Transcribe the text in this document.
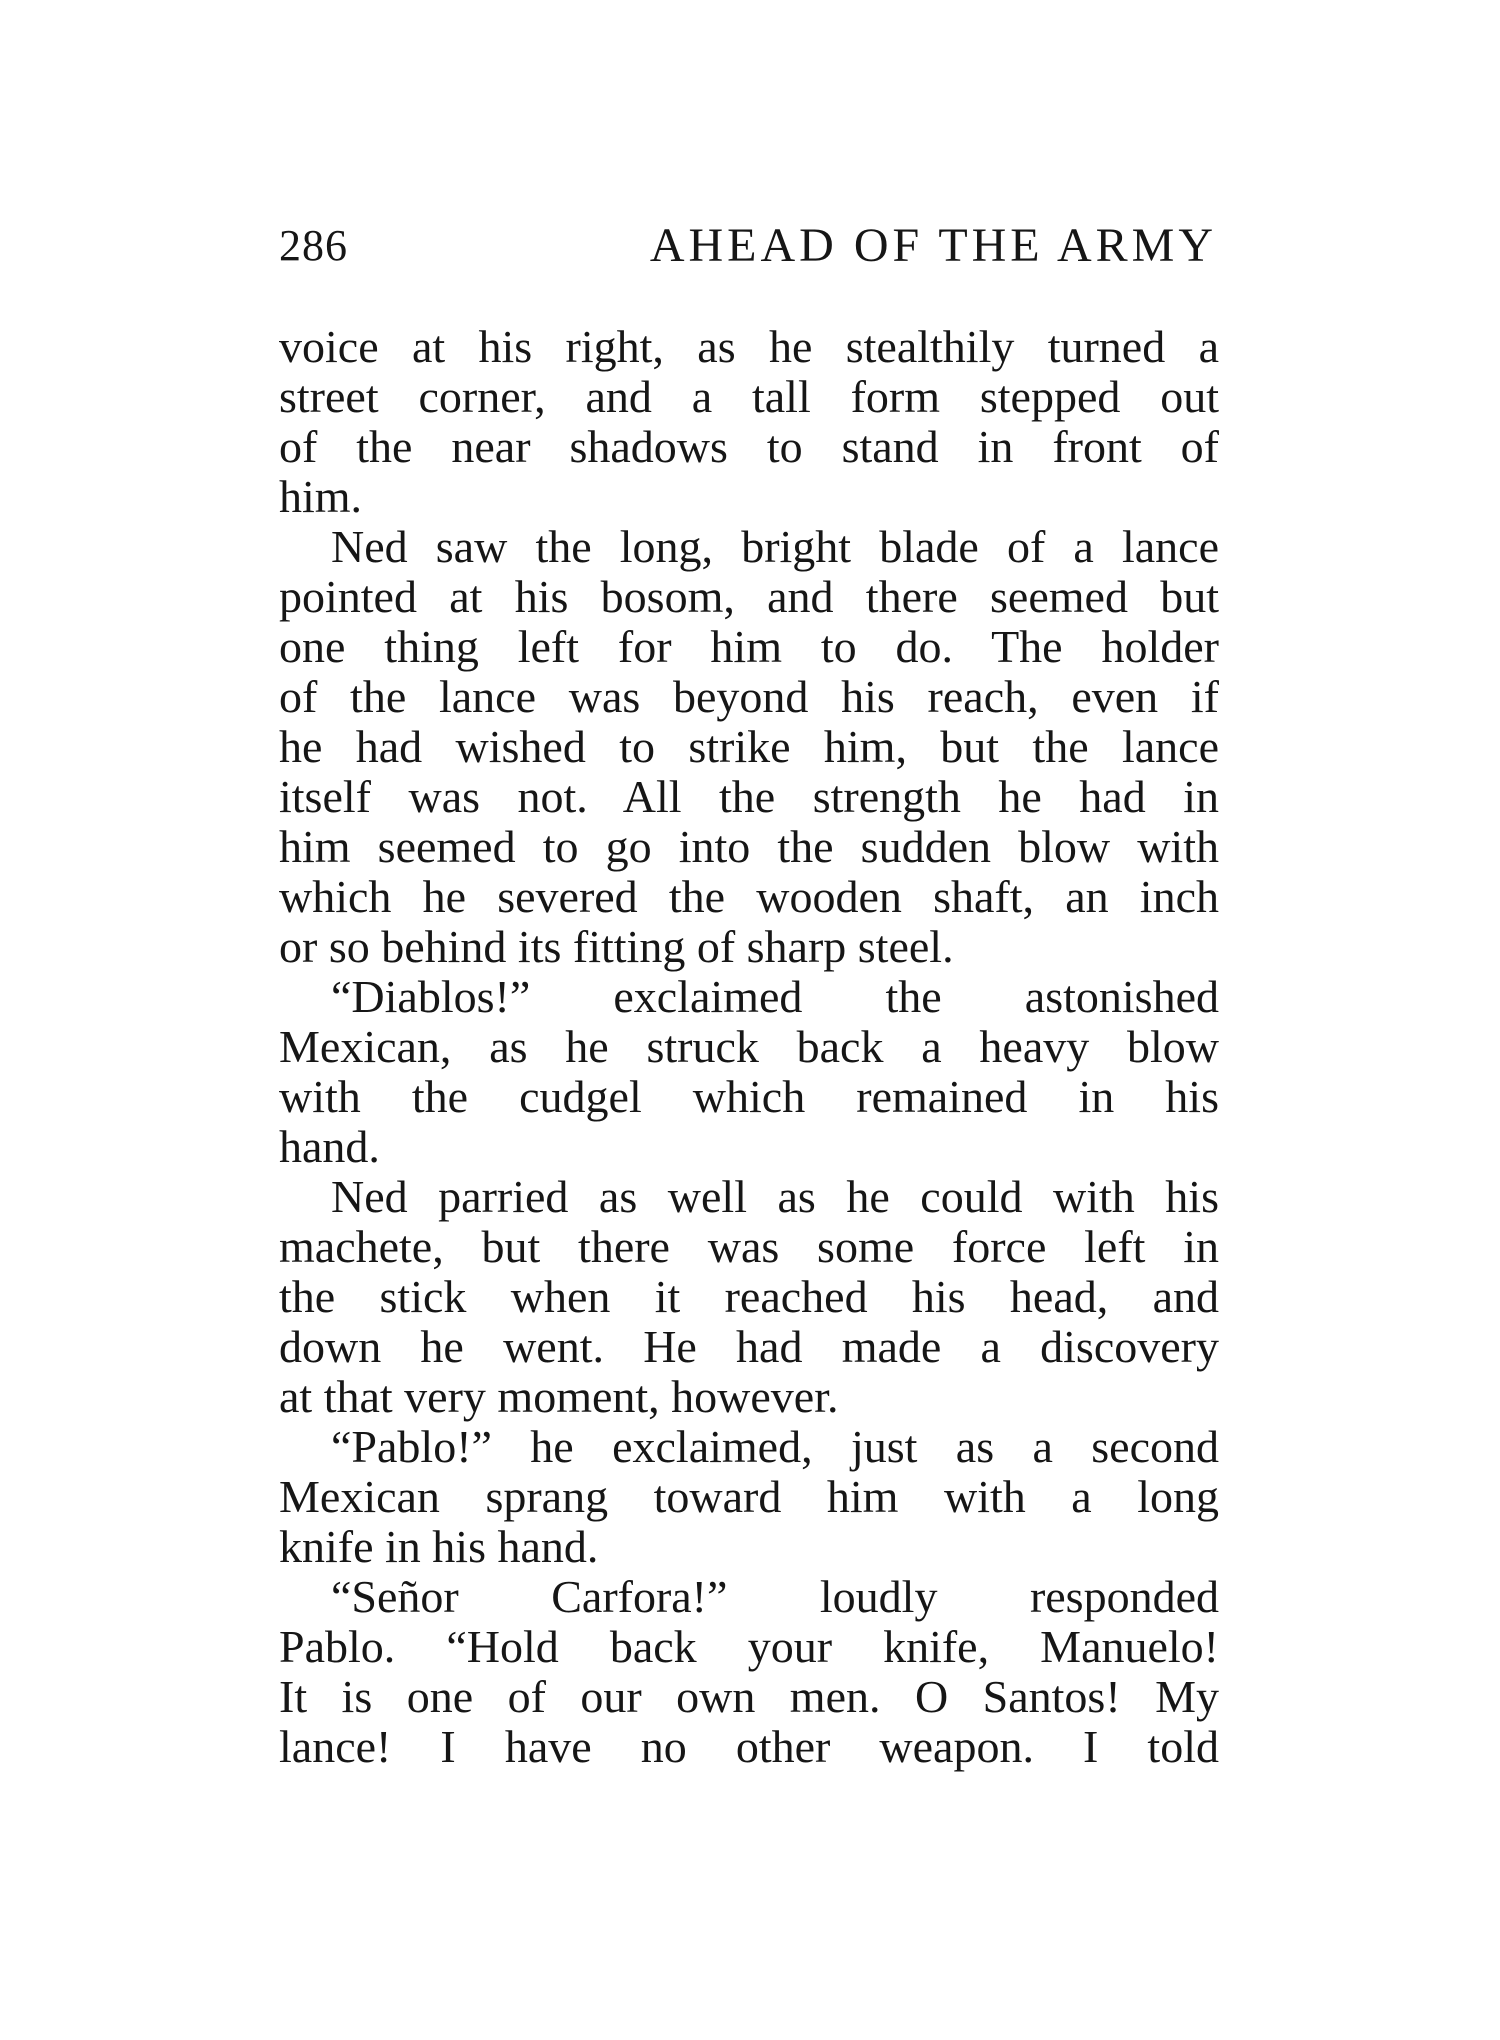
286	AHEAD OF THE ARMY
voice at his right, as he stealthily turned a
street corner, and a tall form stepped out
of the near shadows to stand in front of
him.
Ned saw the long, bright blade of a lance
pointed at his bosom, and there seemed but
one thing left for him to do. The holder
of the lance was beyond his reach, even if
he had wished to strike him, but the lance
itself was not. All the strength he had in
him seemed to go into the sudden blow with
which he severed the wooden shaft, an inch
or so behind its fitting of sharp steel.
“Diablos!” exclaimed the astonished
Mexican, as he struck back a heavy blow
with the cudgel which remained in his
hand.
Ned parried as well as he could with his
machete, but there was some force left in
the stick when it reached his head, and
down he went. He had made a discovery
at that very moment, however.
“Pablo!” he exclaimed, just as a second
Mexican sprang toward him with a long
knife in his hand.
“Señor Carfora!” loudly responded
Pablo. “Hold back your knife, Manuelo!
It is one of our own men. O Santos! My
lance! I have no other weapon. I told
